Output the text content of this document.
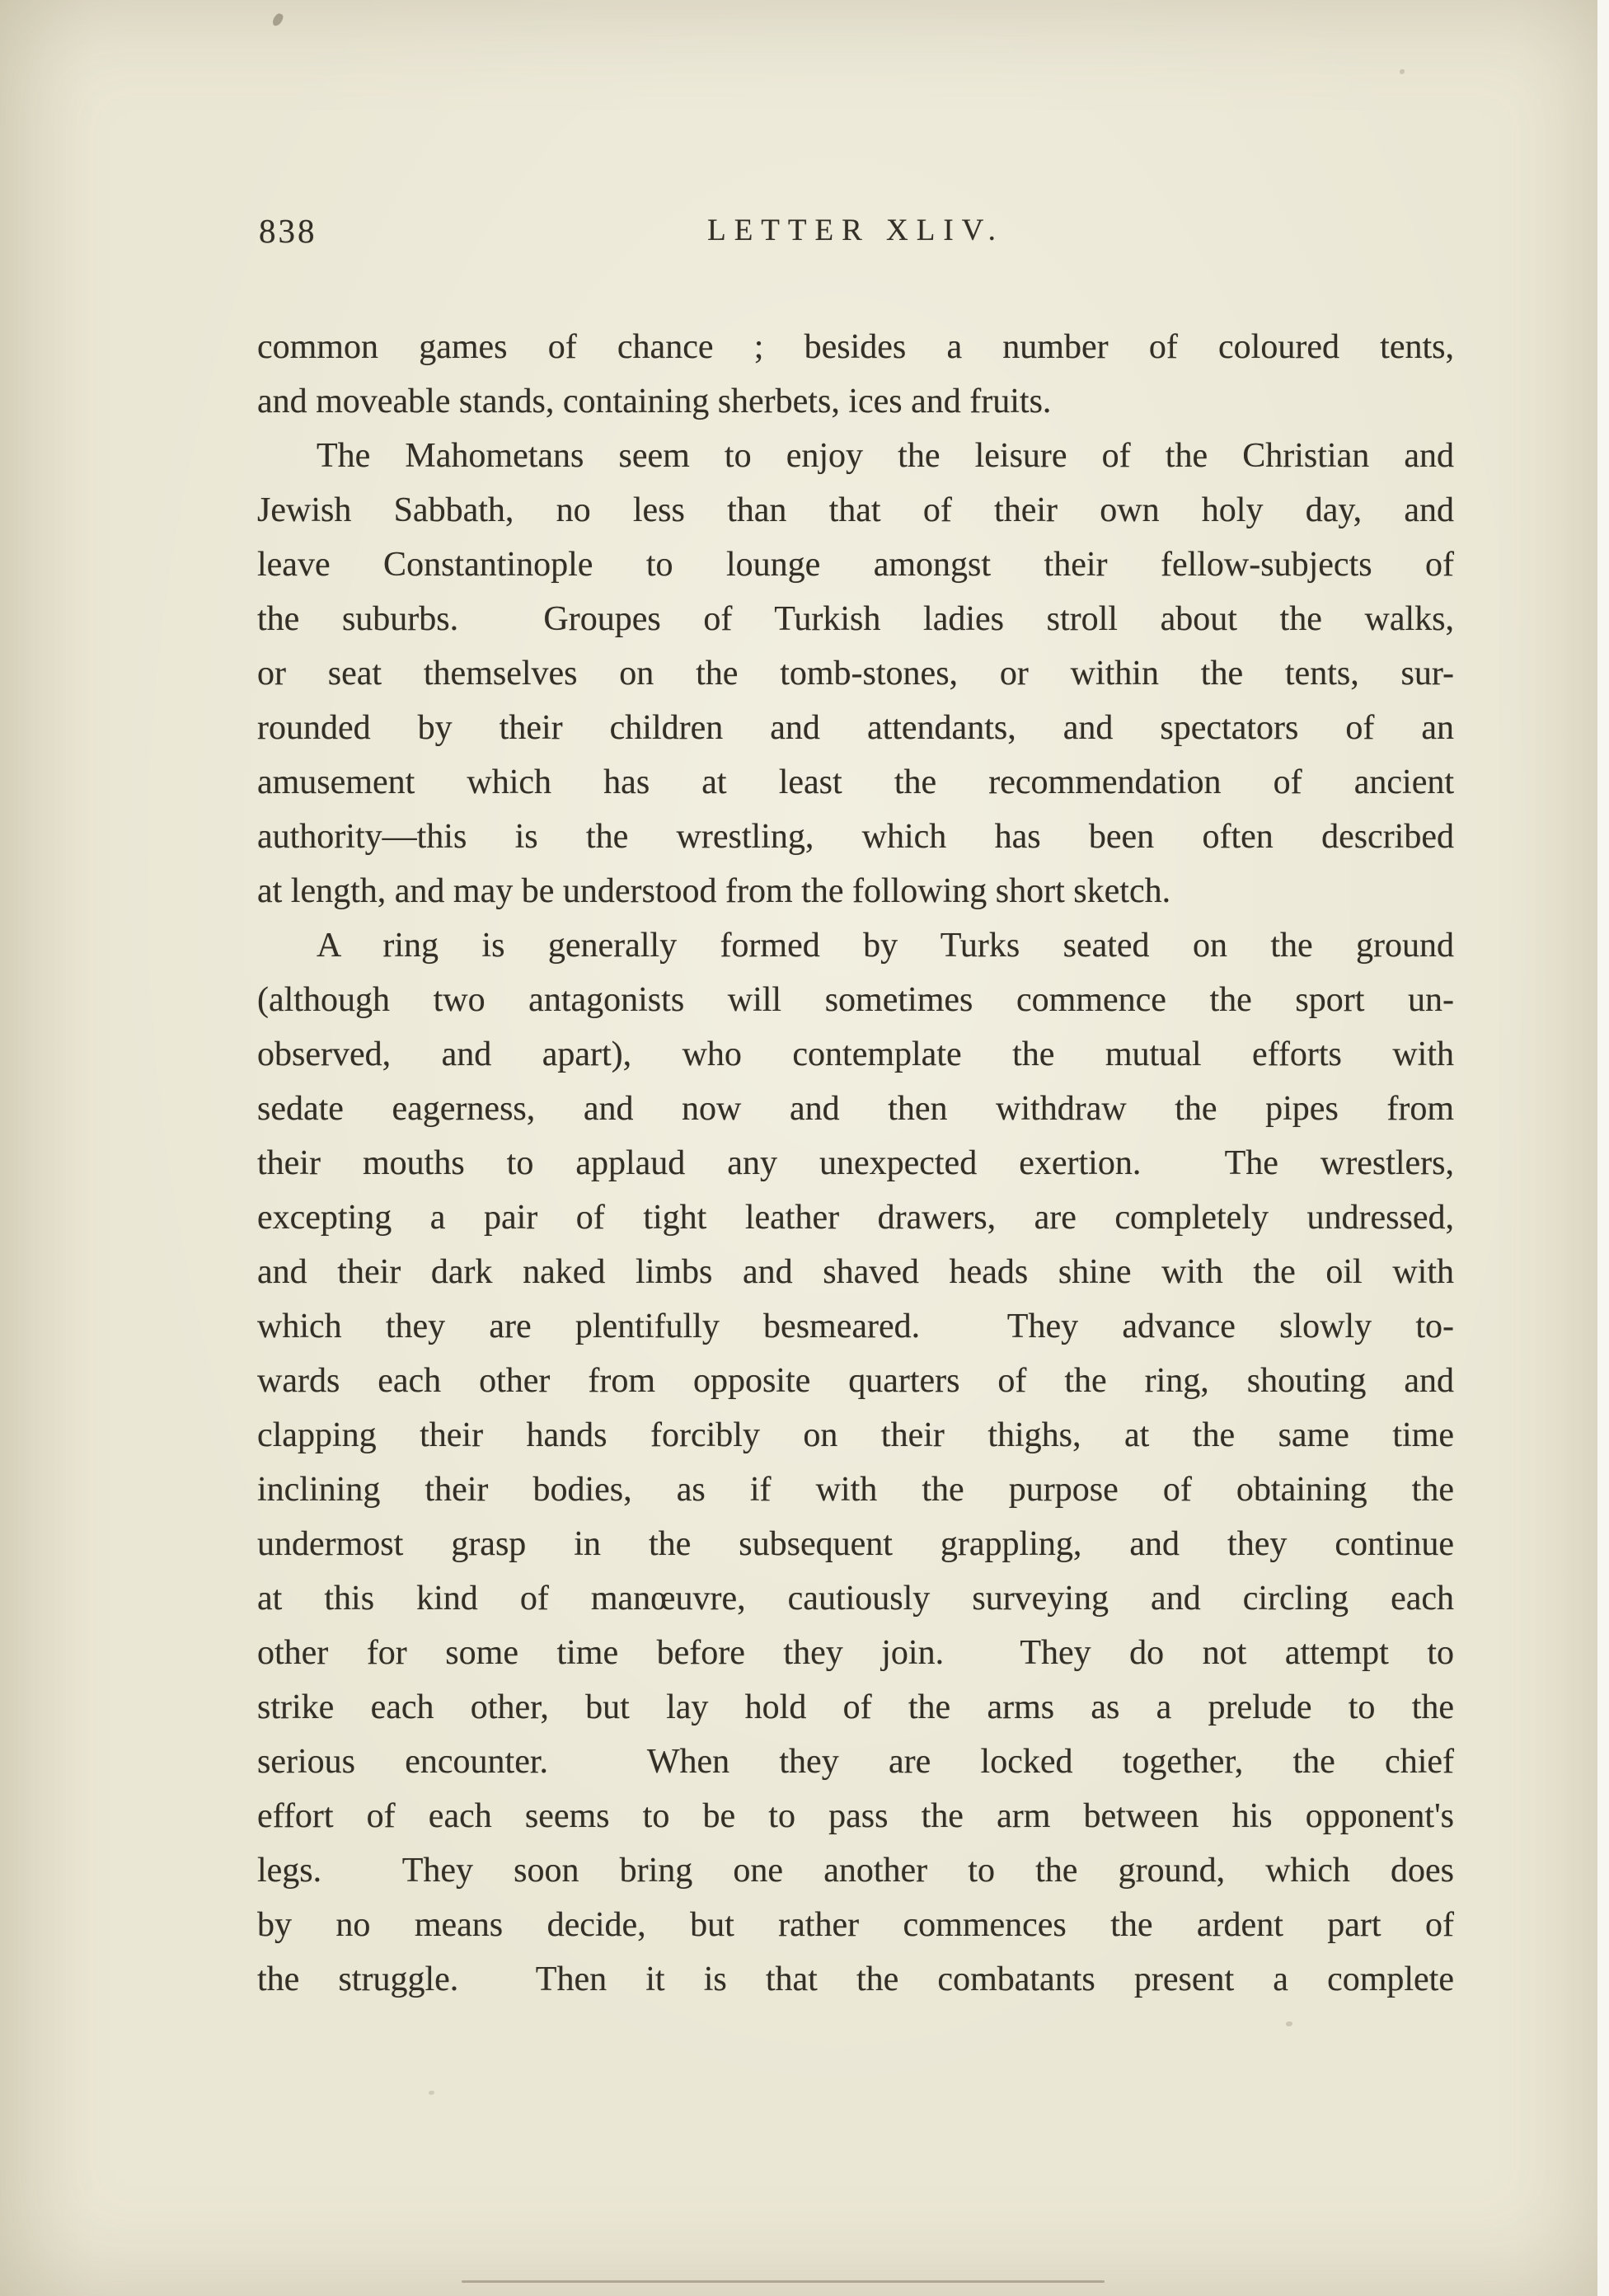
838	LETTER XLIV.
common games of chance ; besides a number of coloured tents,
and moveable stands, containing sherbets, ices and fruits.
The Mahometans seem to enjoy the leisure of the Christian and
Jewish Sabbath, no less than that of their own holy day, and
leave Constantinople to lounge amongst their fellow-subjects of
the suburbs.  Groupes of Turkish ladies stroll about the walks,
or seat themselves on the tomb-stones, or within the tents, sur-
rounded by their children and attendants, and spectators of an
amusement which has at least the recommendation of ancient
authority—this is the wrestling, which has been often described
at length, and may be understood from the following short sketch.
A ring is generally formed by Turks seated on the ground
(although two antagonists will sometimes commence the sport un-
observed, and apart), who contemplate the mutual efforts with
sedate eagerness, and now and then withdraw the pipes from
their mouths to applaud any unexpected exertion.  The wrestlers,
excepting a pair of tight leather drawers, are completely undressed,
and their dark naked limbs and shaved heads shine with the oil with
which they are plentifully besmeared.  They advance slowly to-
wards each other from opposite quarters of the ring, shouting and
clapping their hands forcibly on their thighs, at the same time
inclining their bodies, as if with the purpose of obtaining the
undermost grasp in the subsequent grappling, and they continue
at this kind of manœuvre, cautiously surveying and circling each
other for some time before they join.  They do not attempt to
strike each other, but lay hold of the arms as a prelude to the
serious encounter.  When they are locked together, the chief
effort of each seems to be to pass the arm between his opponent's
legs.  They soon bring one another to the ground, which does
by no means decide, but rather commences the ardent part of
the struggle.  Then it is that the combatants present a complete
